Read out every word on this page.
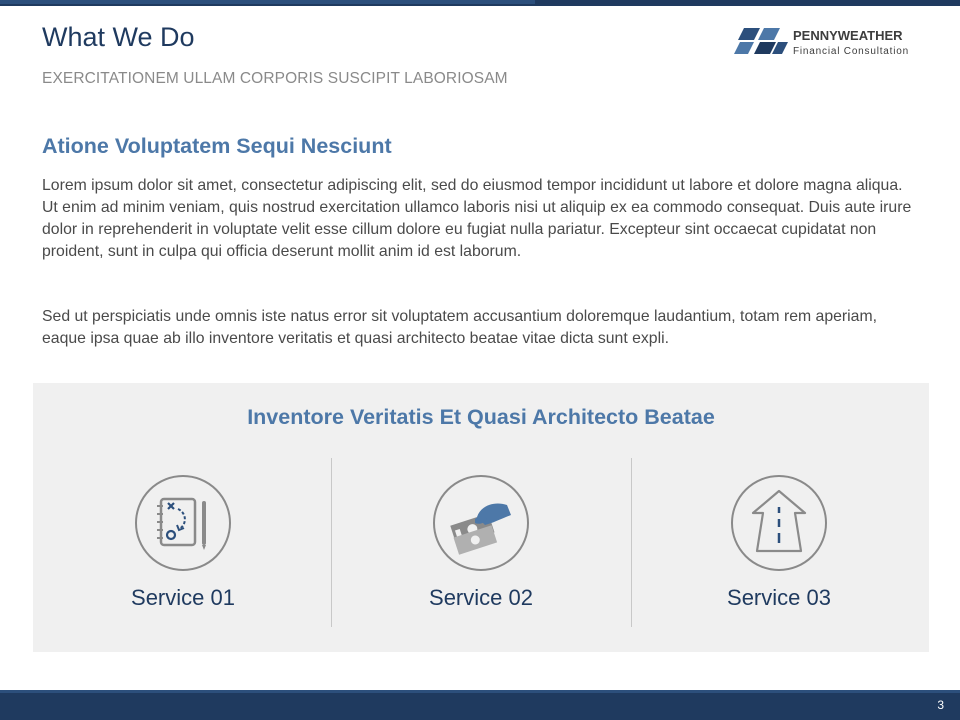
What We Do
EXERCITATIONEM ULLAM CORPORIS SUSCIPIT LABORIOSAM
PENNYWEATHER
Financial Consultation
Atione Voluptatem Sequi Nesciunt

Lorem ipsum dolor sit amet, consectetur adipiscing elit, sed do eiusmod tempor incididunt ut labore et dolore magna aliqua. Ut enim ad minim veniam, quis nostrud exercitation ullamco laboris nisi ut aliquip ex ea commodo consequat. Duis aute irure dolor in reprehenderit in voluptate velit esse cillum dolore eu fugiat nulla pariatur. Excepteur sint occaecat cupidatat non proident, sunt in culpa qui officia deserunt mollit anim id est laborum.

Sed ut perspiciatis unde omnis iste natus error sit voluptatem accusantium doloremque laudantium, totam rem aperiam, eaque ipsa quae ab illo inventore veritatis et quasi architecto beatae vitae dicta sunt expli.

Inventore Veritatis Et Quasi Architecto Beatae
Service 01	Service 02	Service 03
3
